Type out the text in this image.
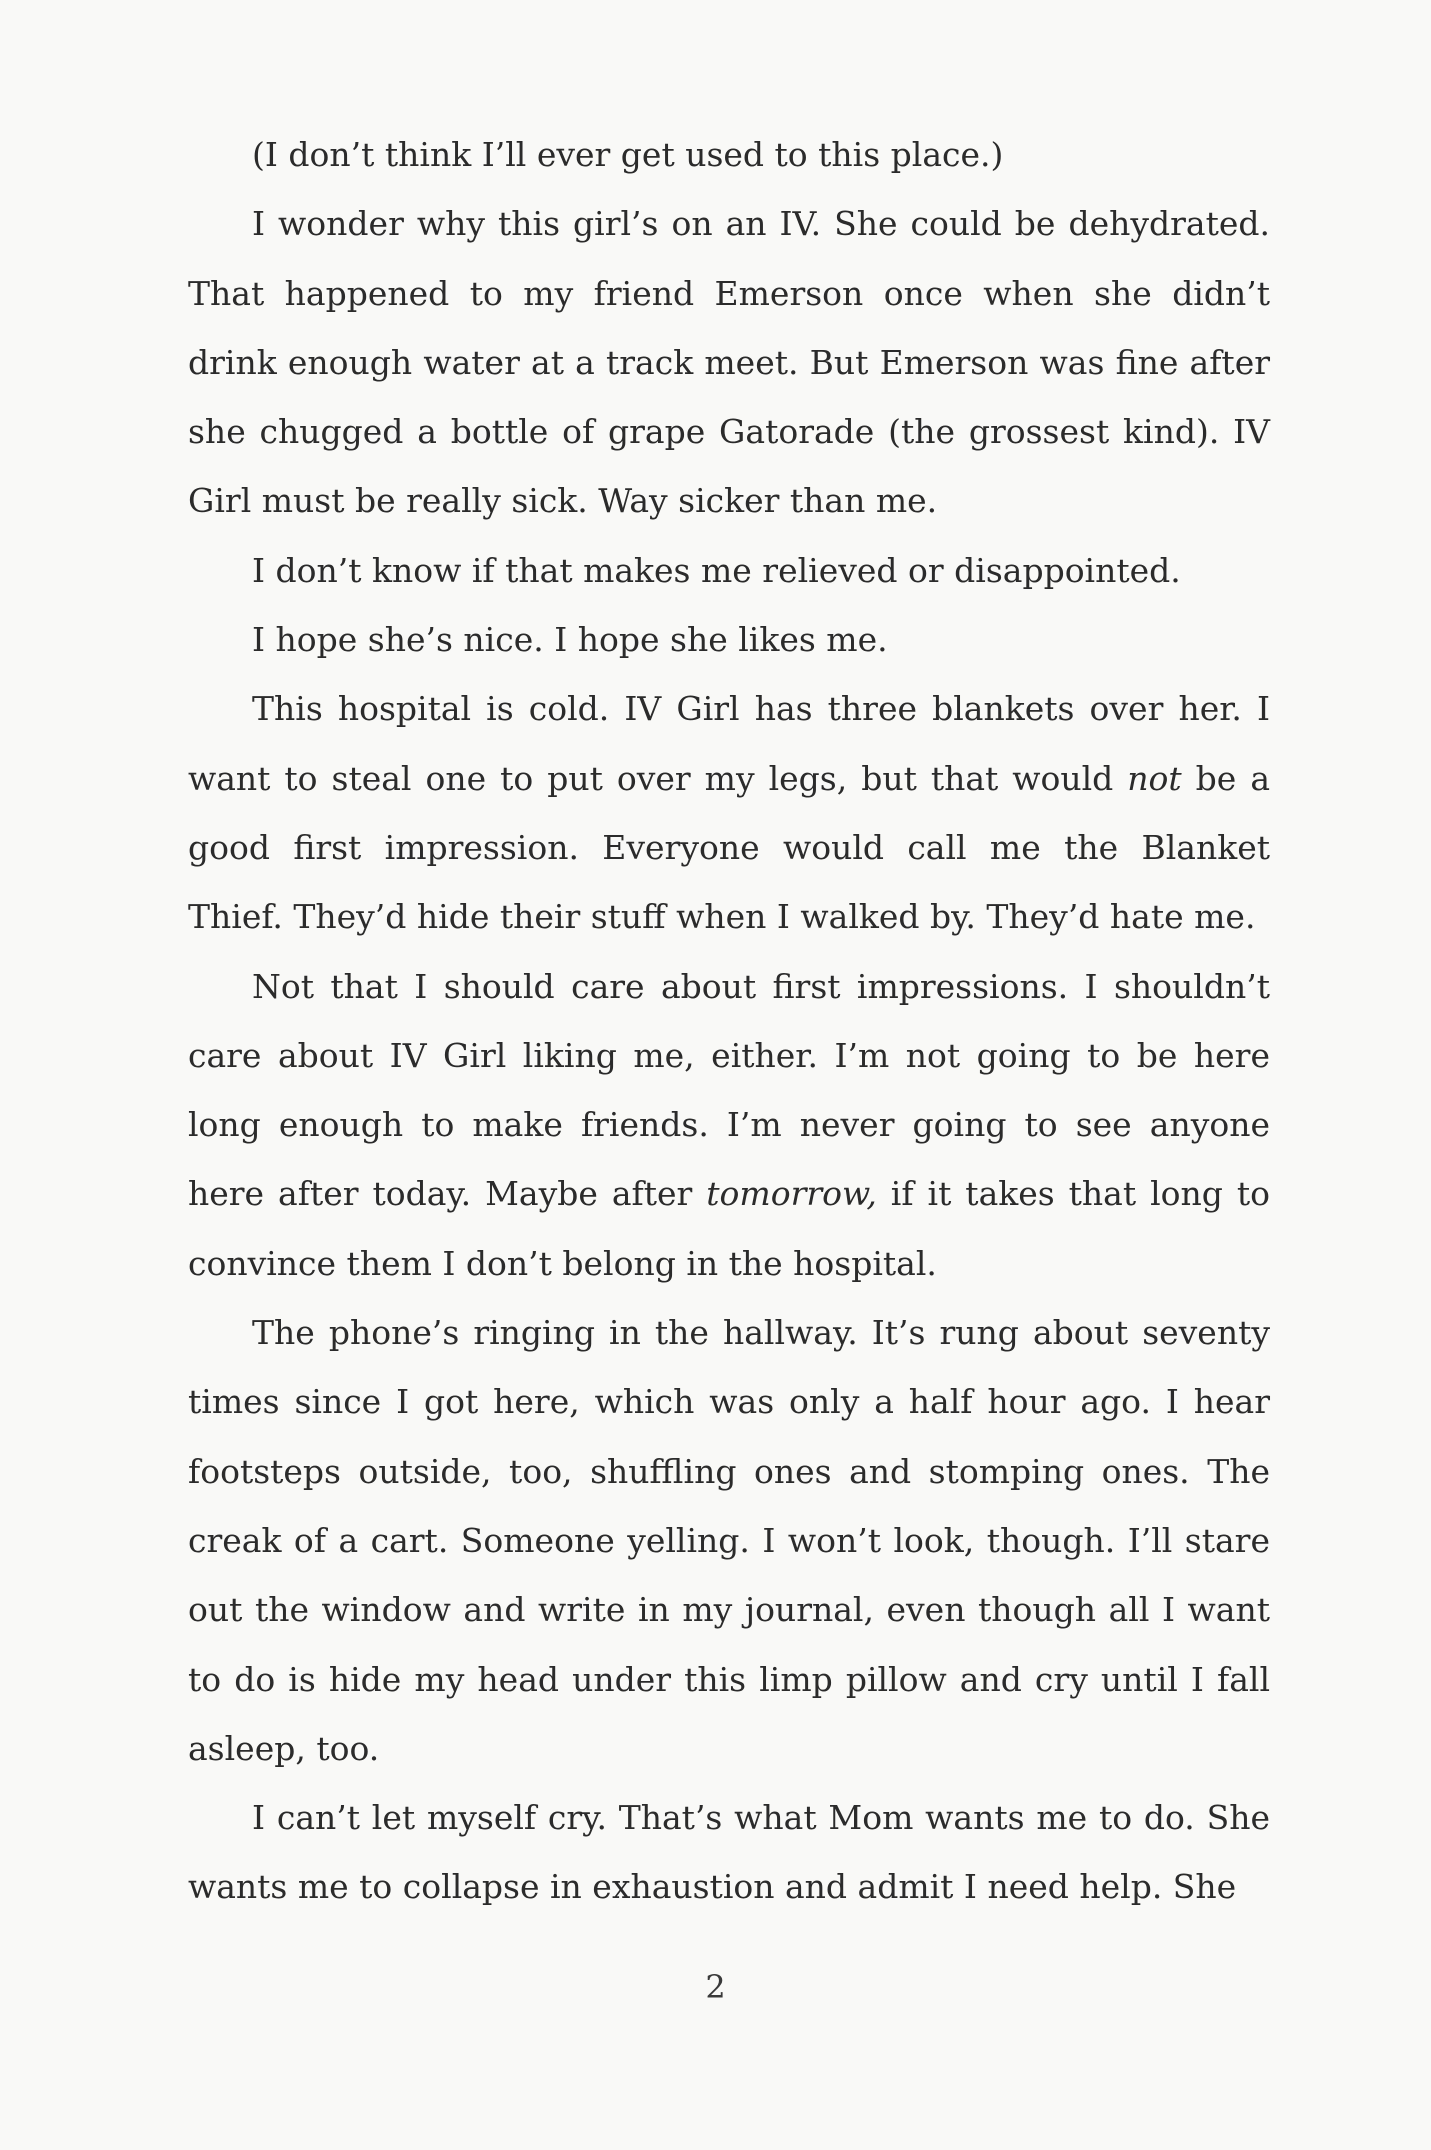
(I don’t think I’ll ever get used to this place.)

I wonder why this girl’s on an IV. She could be dehydrated. That happened to my friend Emerson once when she didn’t drink enough water at a track meet. But Emerson was fine after she chugged a bottle of grape Gatorade (the grossest kind). IV Girl must be really sick. Way sicker than me.

I don’t know if that makes me relieved or disappointed.

I hope she’s nice. I hope she likes me.

This hospital is cold. IV Girl has three blankets over her. I want to steal one to put over my legs, but that would not be a good first impression. Everyone would call me the Blanket Thief. They’d hide their stuff when I walked by. They’d hate me.

Not that I should care about first impressions. I shouldn’t care about IV Girl liking me, either. I’m not going to be here long enough to make friends. I’m never going to see anyone here after today. Maybe after tomorrow, if it takes that long to convince them I don’t belong in the hospital.

The phone’s ringing in the hallway. It’s rung about seventy times since I got here, which was only a half hour ago. I hear footsteps outside, too, shuffling ones and stomping ones. The creak of a cart. Someone yelling. I won’t look, though. I’ll stare out the window and write in my journal, even though all I want to do is hide my head under this limp pillow and cry until I fall asleep, too.

I can’t let myself cry. That’s what Mom wants me to do. She wants me to collapse in exhaustion and admit I need help. She

2
